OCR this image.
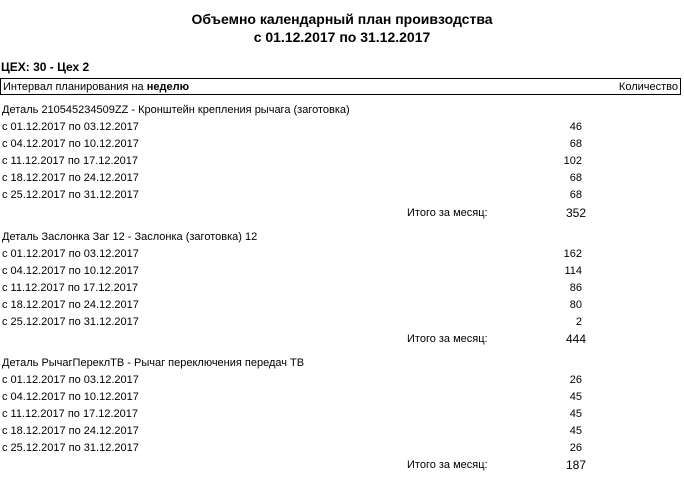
Объемно календарный план проивзодства
с 01.12.2017 по 31.12.2017
ЦЕХ: 30 - Цех 2
Интервал планирования на неделю	Количество
Деталь 210545234509ZZ - Кронштейн крепления рычага (заготовка)
с 01.12.2017 по 03.12.2017	46
с 04.12.2017 по 10.12.2017	68
с 11.12.2017 по 17.12.2017	102
с 18.12.2017 по 24.12.2017	68
с 25.12.2017 по 31.12.2017	68
Итого за месяц:	352
Деталь Заслонка Заг 12 - Заслонка (заготовка) 12
с 01.12.2017 по 03.12.2017	162
с 04.12.2017 по 10.12.2017	114
с 11.12.2017 по 17.12.2017	86
с 18.12.2017 по 24.12.2017	80
с 25.12.2017 по 31.12.2017	2
Итого за месяц:	444
Деталь РычагПереклТВ - Рычаг переключения передач ТВ
с 01.12.2017 по 03.12.2017	26
с 04.12.2017 по 10.12.2017	45
с 11.12.2017 по 17.12.2017	45
с 18.12.2017 по 24.12.2017	45
с 25.12.2017 по 31.12.2017	26
Итого за месяц:	187
